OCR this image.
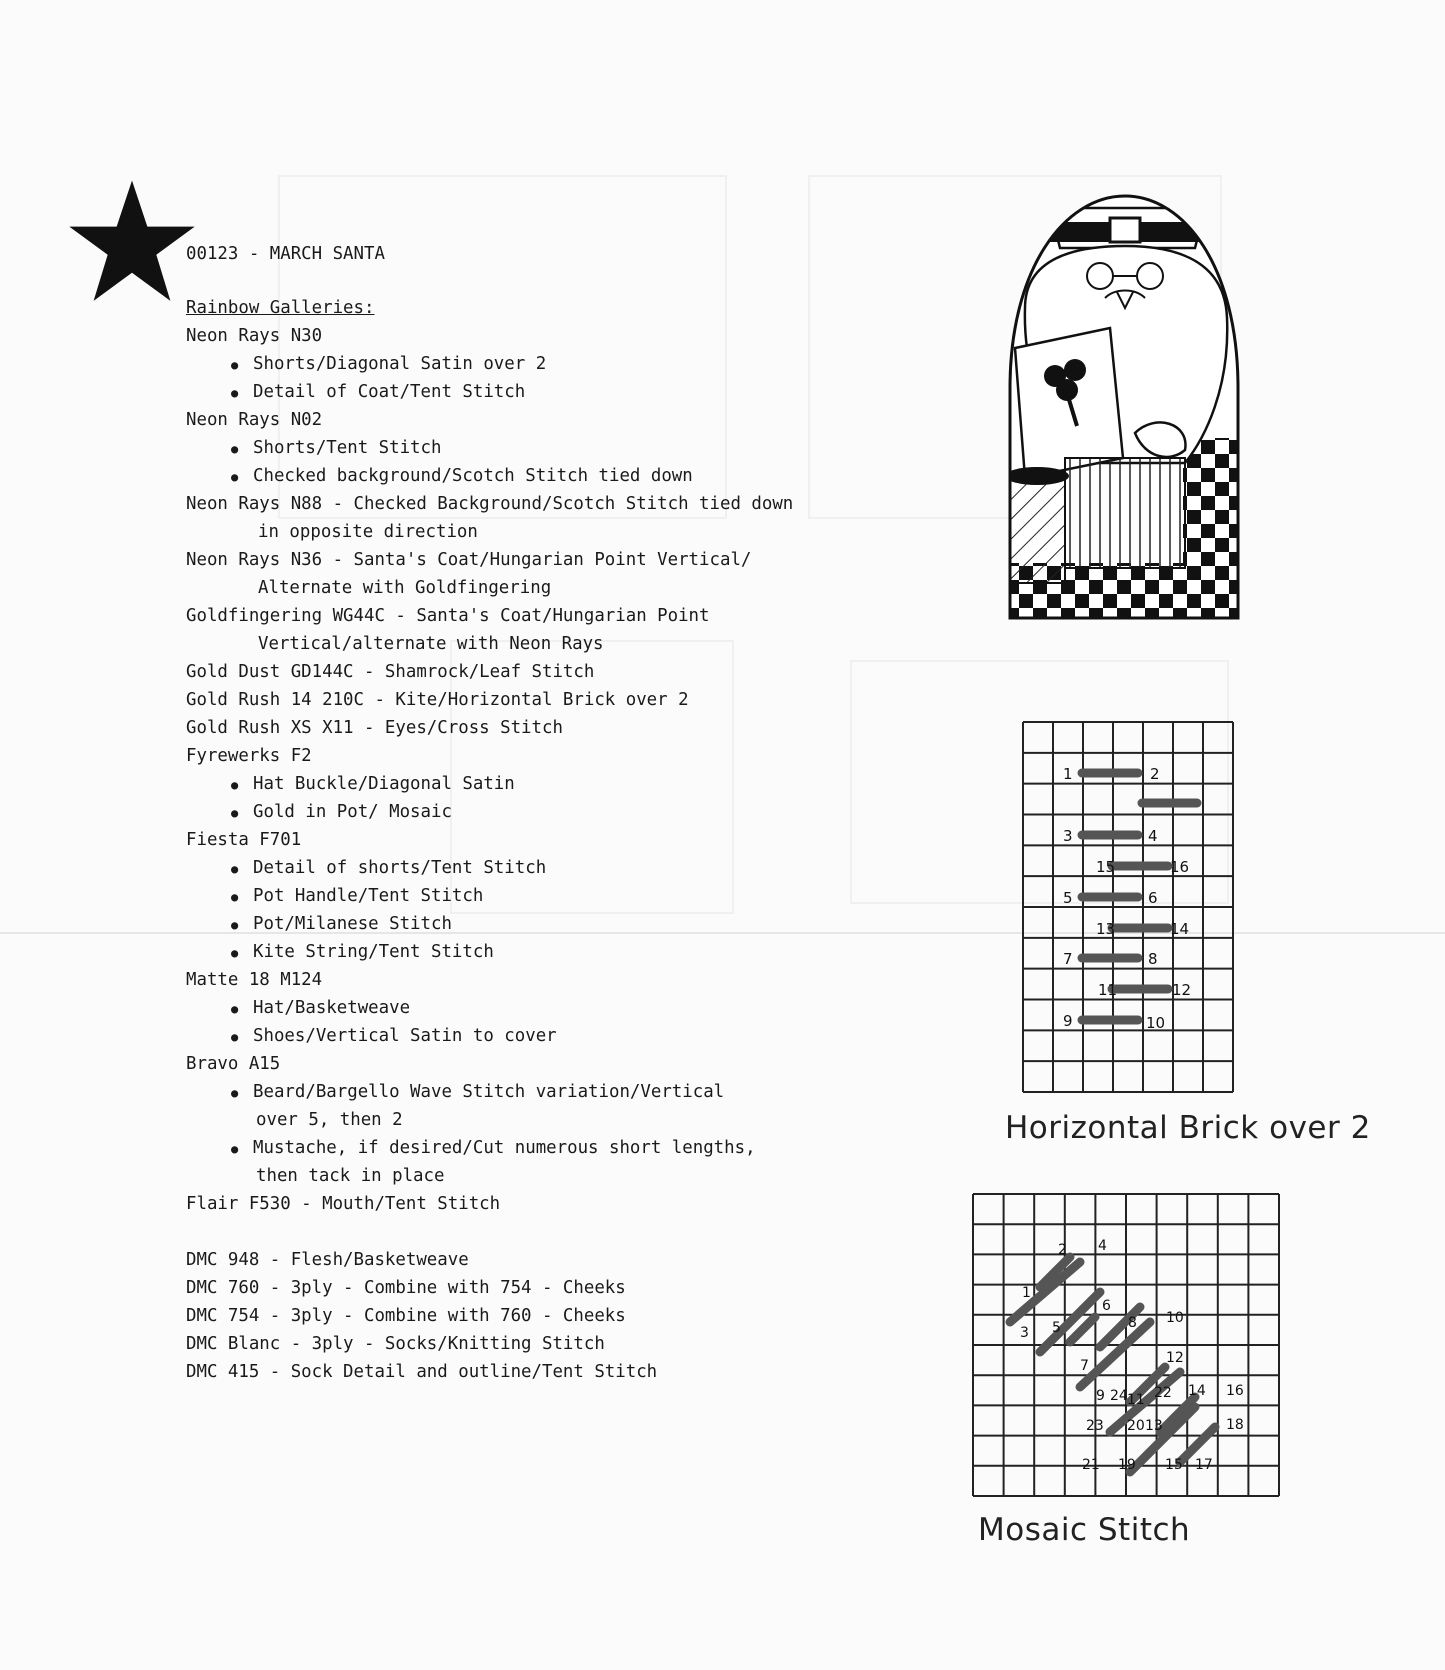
00123 - MARCH SANTA
Rainbow Galleries:
Neon Rays N30
● Shorts/Diagonal Satin over 2
● Detail of Coat/Tent Stitch
Neon Rays N02
● Shorts/Tent Stitch
● Checked background/Scotch Stitch tied down
Neon Rays N88 - Checked Background/Scotch Stitch tied down
in opposite direction
Neon Rays N36 - Santa's Coat/Hungarian Point Vertical/
Alternate with Goldfingering
Goldfingering WG44C - Santa's Coat/Hungarian Point
Vertical/alternate with Neon Rays
Gold Dust GD144C - Shamrock/Leaf Stitch
Gold Rush 14 210C - Kite/Horizontal Brick over 2
Gold Rush XS X11 - Eyes/Cross Stitch
Fyrewerks F2
● Hat Buckle/Diagonal Satin
● Gold in Pot/ Mosaic
Fiesta F701
● Detail of shorts/Tent Stitch
● Pot Handle/Tent Stitch
● Pot/Milanese Stitch
● Kite String/Tent Stitch
Matte 18 M124
● Hat/Basketweave
● Shoes/Vertical Satin to cover
Bravo A15
● Beard/Bargello Wave Stitch variation/Vertical
over 5, then 2
● Mustache, if desired/Cut numerous short lengths,
then tack in place
Flair F530 - Mouth/Tent Stitch
DMC 948 - Flesh/Basketweave
DMC 760 - 3ply - Combine with 754 - Cheeks
DMC 754 - 3ply - Combine with 760 - Cheeks
DMC Blanc - 3ply - Socks/Knitting Stitch
DMC 415 - Sock Detail and outline/Tent Stitch
1	2
3	4
15	16
5	6
13	14
7	8
11	12
9	10
Horizontal Brick over 2
2 4
1
6
3 5	8 10
7	12
9 24 11 22 14 16
23 20 13	18
21 19 15 17
Mosaic Stitch
